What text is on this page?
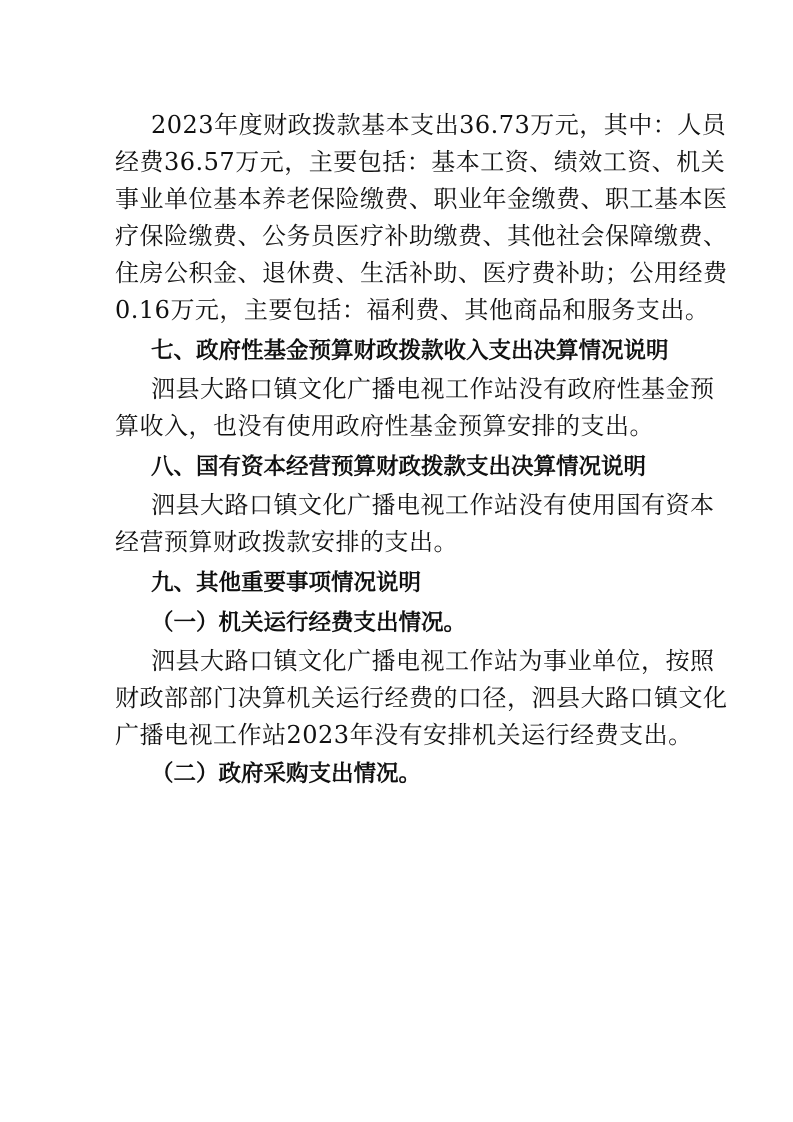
2023年度财政拨款基本支出36.73万元，其中：人员
经费36.57万元，主要包括：基本工资、绩效工资、机关
事业单位基本养老保险缴费、职业年金缴费、职工基本医
疗保险缴费、公务员医疗补助缴费、其他社会保障缴费、
住房公积金、退休费、生活补助、医疗费补助；公用经费
0.16万元，主要包括：福利费、其他商品和服务支出。
七、政府性基金预算财政拨款收入支出决算情况说明
泗县大路口镇文化广播电视工作站没有政府性基金预
算收入，也没有使用政府性基金预算安排的支出。
八、国有资本经营预算财政拨款支出决算情况说明
泗县大路口镇文化广播电视工作站没有使用国有资本
经营预算财政拨款安排的支出。
九、其他重要事项情况说明
（一）机关运行经费支出情况。
泗县大路口镇文化广播电视工作站为事业单位，按照
财政部部门决算机关运行经费的口径，泗县大路口镇文化
广播电视工作站2023年没有安排机关运行经费支出。
（二）政府采购支出情况。
